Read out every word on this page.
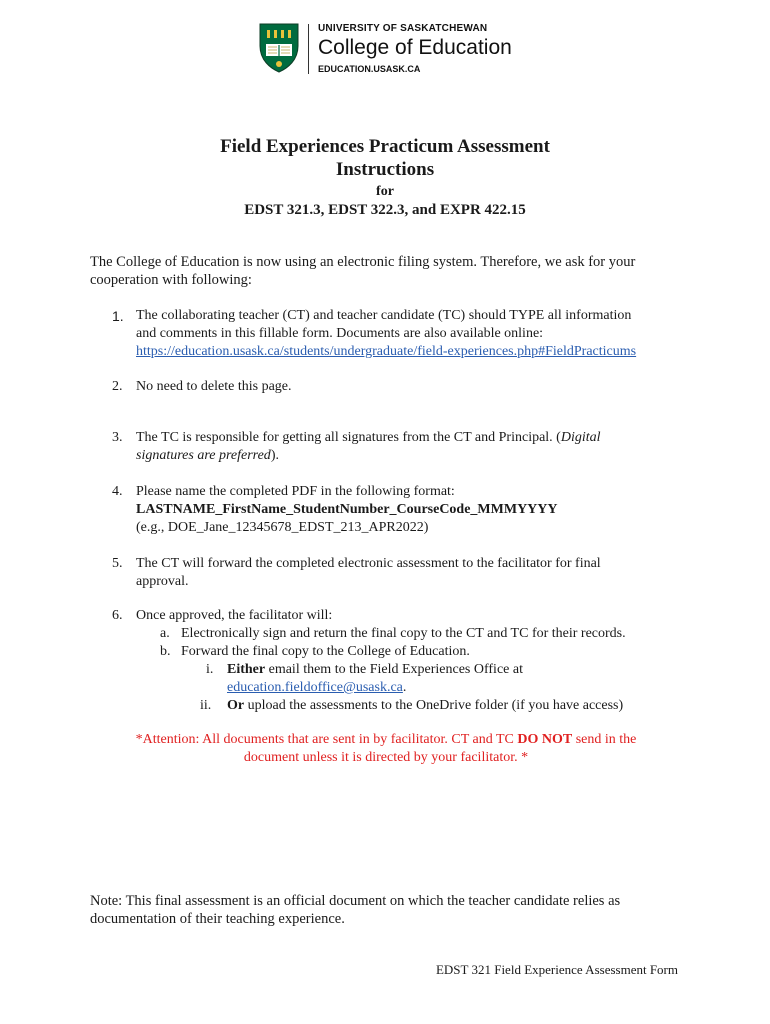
UNIVERSITY OF SASKATCHEWAN
College of Education
EDUCATION.USASK.CA
Field Experiences Practicum Assessment
Instructions
for
EDST 321.3, EDST 322.3, and EXPR 422.15
The College of Education is now using an electronic filing system. Therefore, we ask for your
cooperation with following:
1. The collaborating teacher (CT) and teacher candidate (TC) should TYPE all information
and comments in this fillable form. Documents are also available online:
https://education.usask.ca/students/undergraduate/field-experiences.php#FieldPracticums
2. No need to delete this page.
3. The TC is responsible for getting all signatures from the CT and Principal. (Digital
signatures are preferred).
4. Please name the completed PDF in the following format:
LASTNAME_FirstName_StudentNumber_CourseCode_MMMYYYY
(e.g., DOE_Jane_12345678_EDST_213_APR2022)
5. The CT will forward the completed electronic assessment to the facilitator for final
approval.
6. Once approved, the facilitator will:
a. Electronically sign and return the final copy to the CT and TC for their records.
b. Forward the final copy to the College of Education.
i. Either email them to the Field Experiences Office at
education.fieldoffice@usask.ca.
ii. Or upload the assessments to the OneDrive folder (if you have access)
*Attention: All documents that are sent in by facilitator. CT and TC DO NOT send in the
document unless it is directed by your facilitator. *
Note: This final assessment is an official document on which the teacher candidate relies as
documentation of their teaching experience.
EDST 321 Field Experience Assessment Form
